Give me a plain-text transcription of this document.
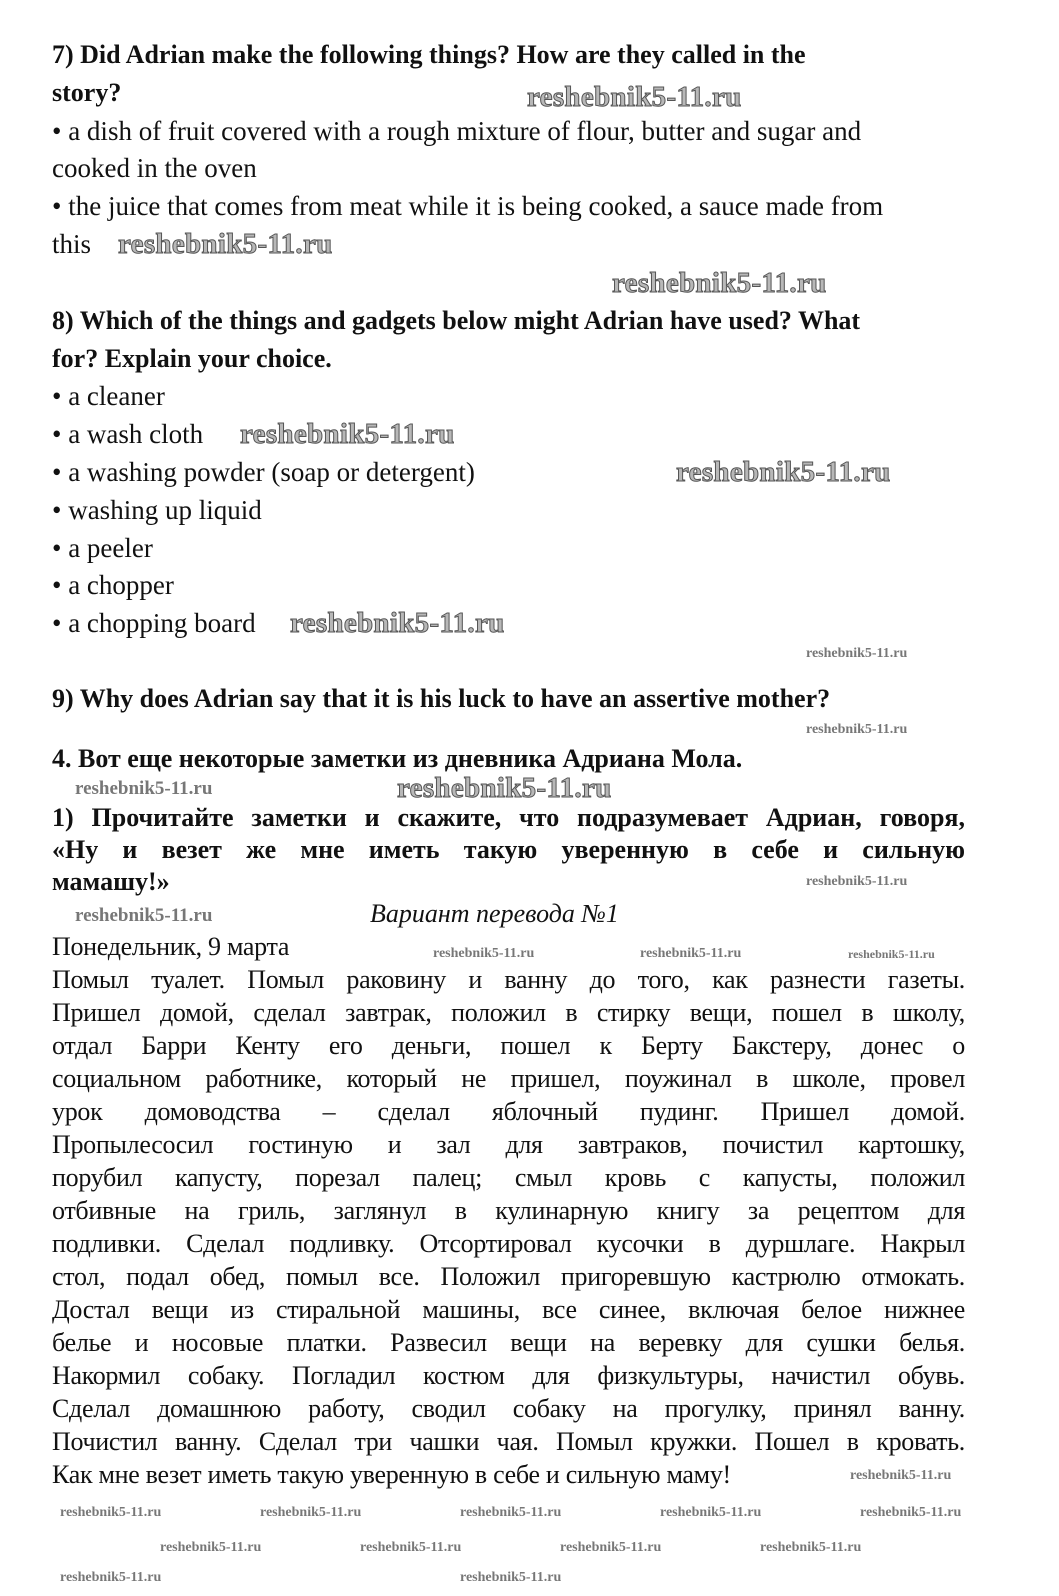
7) Did Adrian make the following things? How are they called in the
story?
• a dish of fruit covered with a rough mixture of flour, butter and sugar and
cooked in the oven
• the juice that comes from meat while it is being cooked, a sauce made from
this
8) Which of the things and gadgets below might Adrian have used? What
for? Explain your choice.
• a cleaner
• a wash cloth
• a washing powder (soap or detergent)
• washing up liquid
• a peeler
• a chopper
• a chopping board
9) Why does Adrian say that it is his luck to have an assertive mother?
4. Вот еще некоторые заметки из дневника Адриана Мола.
1) Прочитайте заметки и скажите, что подразумевает Адриан, говоря,
«Ну и везет же мне иметь такую уверенную в себе и сильную
мамашу!»
Вариант перевода №1
Понедельник, 9 марта
Помыл туалет. Помыл раковину и ванну до того, как разнести газеты.
Пришел домой, сделал завтрак, положил в стирку вещи, пошел в школу,
отдал Барри Кенту его деньги, пошел к Берту Бакстеру, донес о
социальном работнике, который не пришел, поужинал в школе, провел
урок домоводства – сделал яблочный пудинг. Пришел домой.
Пропылесосил гостиную и зал для завтраков, почистил картошку,
порубил капусту, порезал палец; смыл кровь с капусты, положил
отбивные на гриль, заглянул в кулинарную книгу за рецептом для
подливки. Сделал подливку. Отсортировал кусочки в дуршлаге. Накрыл
стол, подал обед, помыл все. Положил пригоревшую кастрюлю отмокать.
Достал вещи из стиральной машины, все синее, включая белое нижнее
белье и носовые платки. Развесил вещи на веревку для сушки белья.
Накормил собаку. Погладил костюм для физкультуры, начистил обувь.
Сделал домашнюю работу, сводил собаку на прогулку, принял ванну.
Почистил ванну. Сделал три чашки чая. Помыл кружки. Пошел в кровать.
Как мне везет иметь такую уверенную в себе и сильную маму!
reshebnik5-11.ru
reshebnik5-11.ru
reshebnik5-11.ru
reshebnik5-11.ru
reshebnik5-11.ru
reshebnik5-11.ru
reshebnik5-11.ru
reshebnik5-11.ru
reshebnik5-11.ru
reshebnik5-11.ru
reshebnik5-11.ru
reshebnik5-11.ru
reshebnik5-11.ru	reshebnik5-11.ru	reshebnik5-11.ru
reshebnik5-11.ru
reshebnik5-11.ru	reshebnik5-11.ru	reshebnik5-11.ru	reshebnik5-11.ru	reshebnik5-11.ru
reshebnik5-11.ru	reshebnik5-11.ru	reshebnik5-11.ru	reshebnik5-11.ru
reshebnik5-11.ru	reshebnik5-11.ru
